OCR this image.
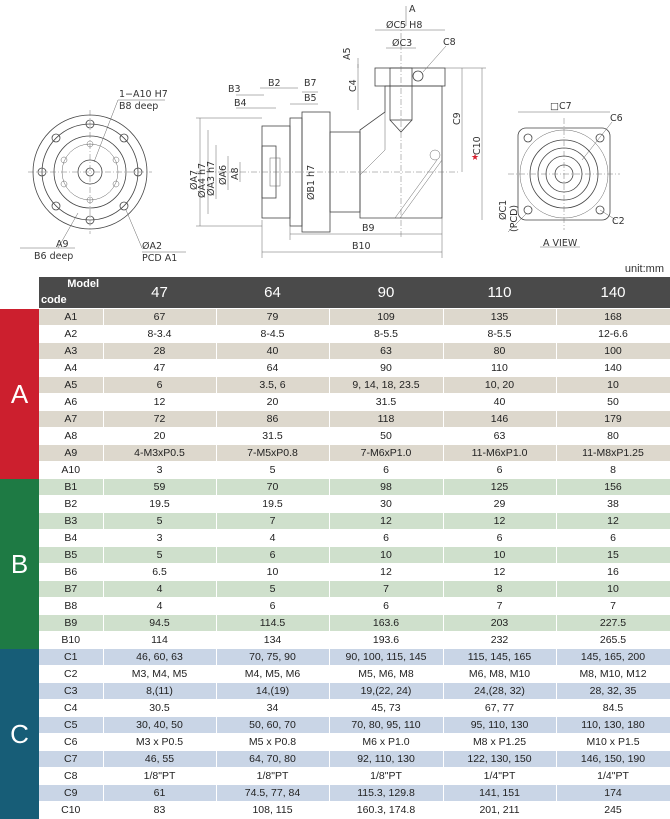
1−A10 H7
B8 deep
A9
B6 deep
ØA2
PCD A1
B3
B2 B7
B4	B5
ØA7
ØA4 h7
ØA3 h7 ØA6 A8	ØB1 h7
B9
B10
ØC5 H8
ØC3
A5
C4
C8
C9
C10
★
A
□C7
C6
ØC1 (PCD)	C2
A VIEW
unit:mm

	Model
code	47	64	90	110	140
A	A1	67	79	109	135	168
	A2	8-3.4	8-4.5	8-5.5	8-5.5	12-6.6
	A3	28	40	63	80	100
	A4	47	64	90	110	140
	A5	6	3.5, 6	9, 14, 18, 23.5	10, 20	10
	A6	12	20	31.5	40	50
	A7	72	86	118	146	179
	A8	20	31.5	50	63	80
	A9	4-M3xP0.5	7-M5xP0.8	7-M6xP1.0	11-M6xP1.0	11-M8xP1.25
	A10	3	5	6	6	8
B	B1	59	70	98	125	156
	B2	19.5	19.5	30	29	38
	B3	5	7	12	12	12
	B4	3	4	6	6	6
	B5	5	6	10	10	15
	B6	6.5	10	12	12	16
	B7	4	5	7	8	10
	B8	4	6	6	7	7
	B9	94.5	114.5	163.6	203	227.5
	B10	114	134	193.6	232	265.5
C	C1	46, 60, 63	70, 75, 90	90, 100, 115, 145	115, 145, 165	145, 165, 200
	C2	M3, M4, M5	M4, M5, M6	M5, M6, M8	M6, M8, M10	M8, M10, M12
	C3	8,(11)	14,(19)	19,(22, 24)	24,(28, 32)	28, 32, 35
	C4	30.5	34	45, 73	67, 77	84.5
	C5	30, 40, 50	50, 60, 70	70, 80, 95, 110	95, 110, 130	110, 130, 180
	C6	M3 x P0.5	M5 x P0.8	M6 x P1.0	M8 x P1.25	M10 x P1.5
	C7	46, 55	64, 70, 80	92, 110, 130	122, 130, 150	146, 150, 190
	C8	1/8"PT	1/8"PT	1/8"PT	1/4"PT	1/4"PT
	C9	61	74.5, 77, 84	115.3, 129.8	141, 151	174
	C10	83	108, 115	160.3, 174.8	201, 211	245
